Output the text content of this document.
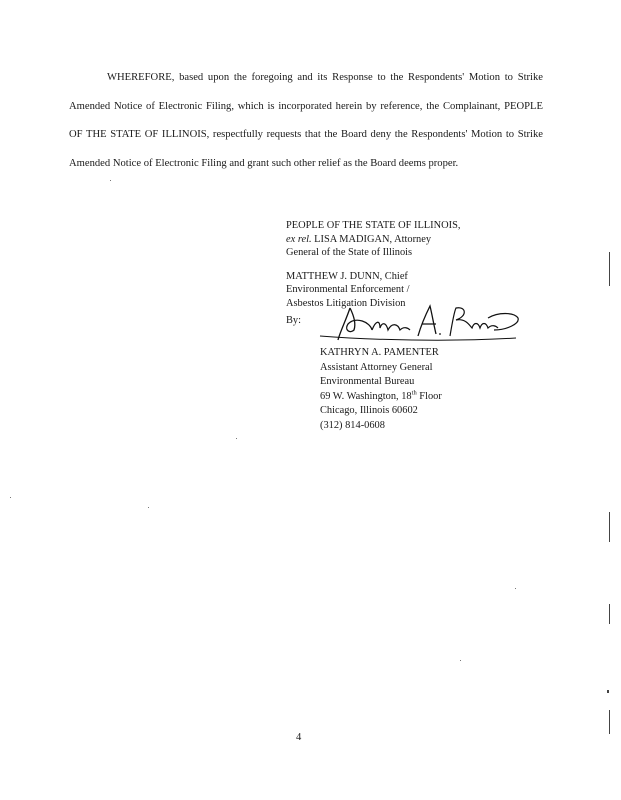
WHEREFORE, based upon the foregoing and its Response to the Respondents' Motion to Strike Amended Notice of Electronic Filing, which is incorporated herein by reference, the Complainant, PEOPLE OF THE STATE OF ILLINOIS, respectfully requests that the Board deny the Respondents' Motion to Strike Amended Notice of Electronic Filing and grant such other relief as the Board deems proper.

PEOPLE OF THE STATE OF ILLINOIS,
ex rel. LISA MADIGAN, Attorney
General of the State of Illinois
MATTHEW J. DUNN, Chief
Environmental Enforcement /
Asbestos Litigation Division
By:
KATHRYN A. PAMENTER
Assistant Attorney General
Environmental Bureau
69 W. Washington, 18th Floor
Chicago, Illinois 60602
(312) 814-0608
4
